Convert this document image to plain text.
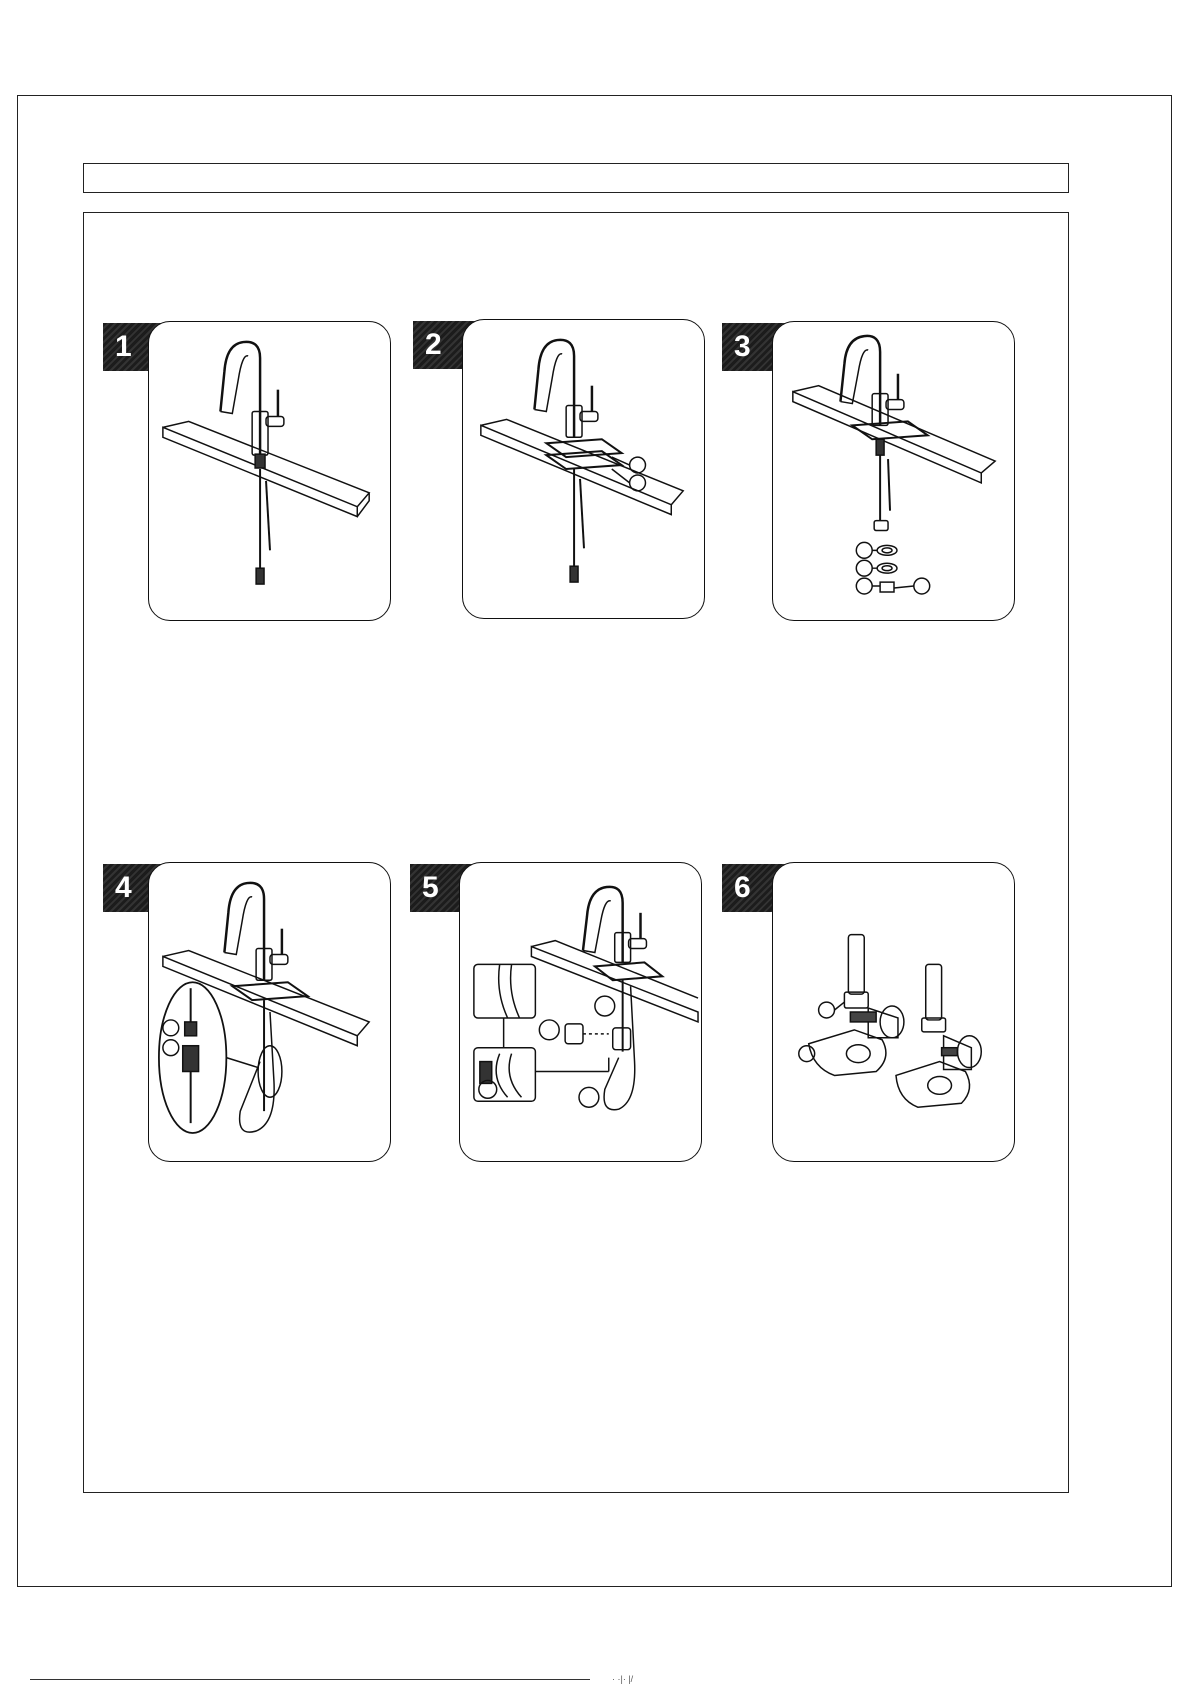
1	2	3
4	5	6
· ·|· |/
